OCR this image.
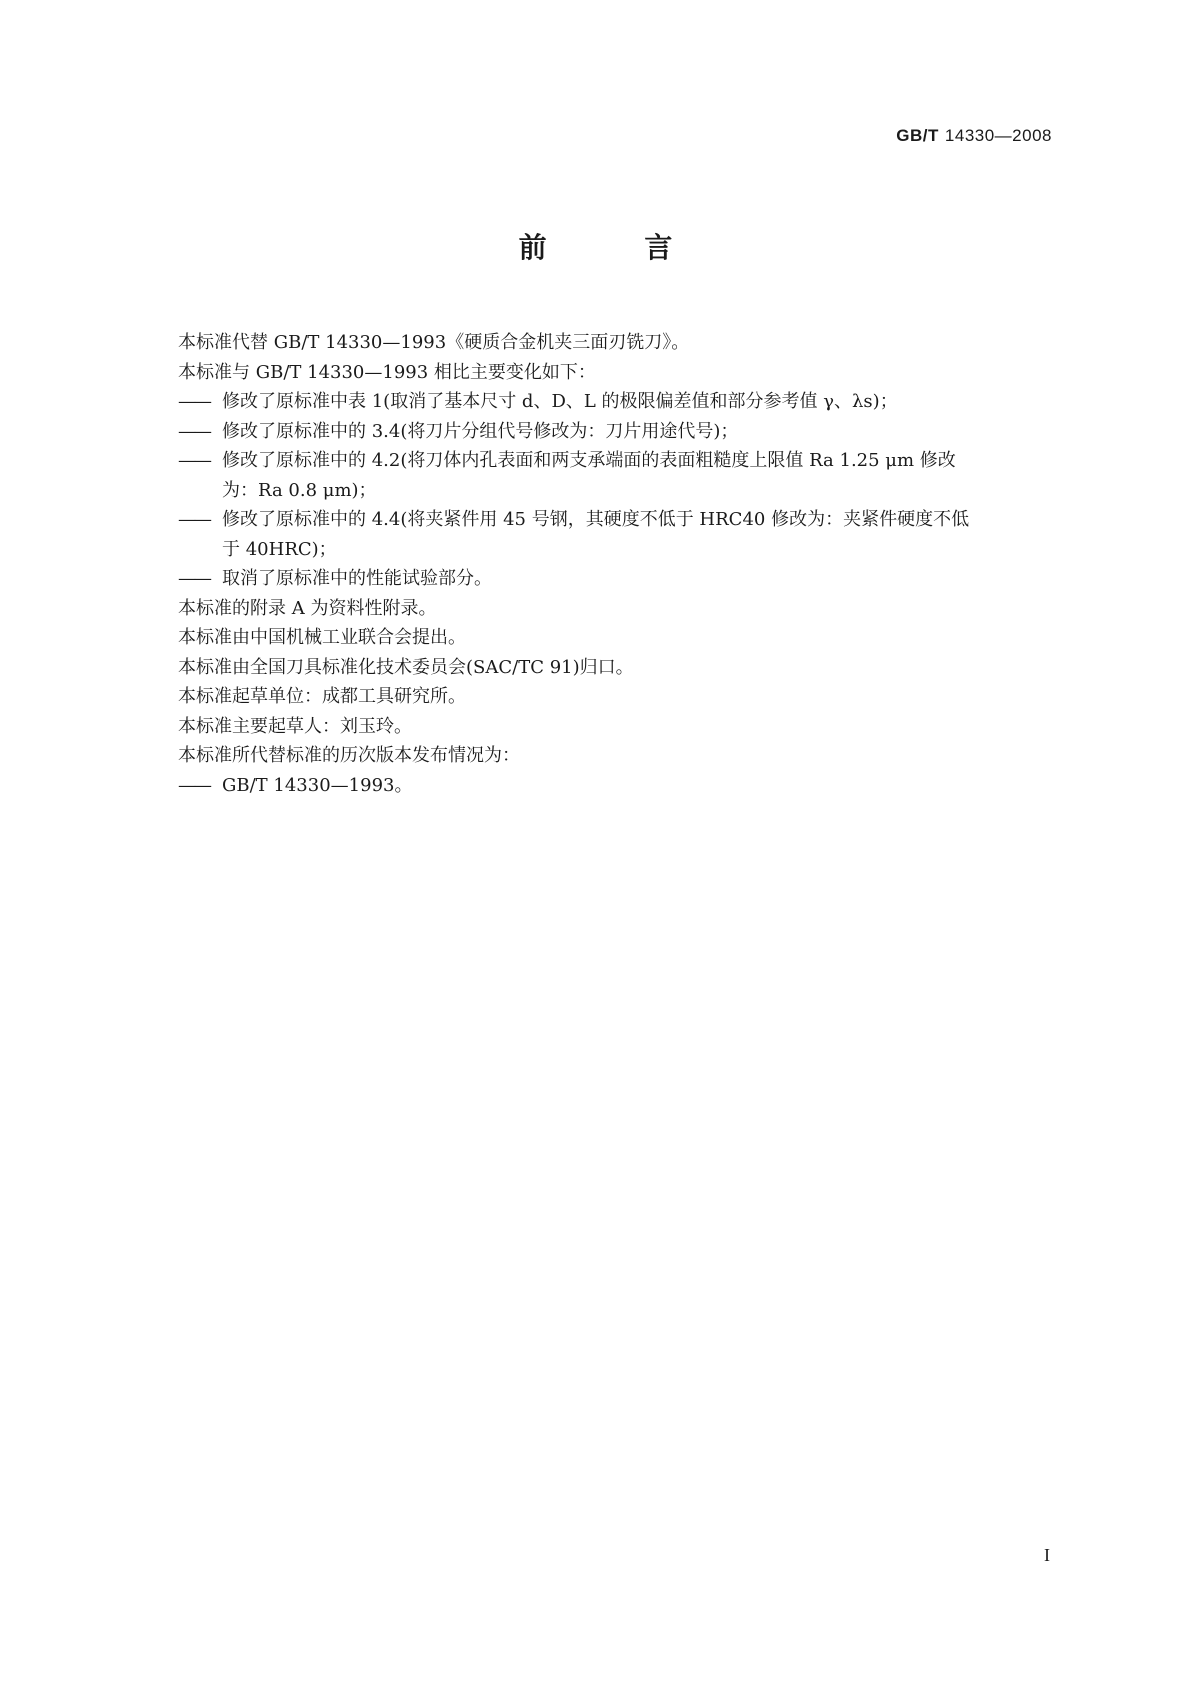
GB/T 14330—2008
前 言

本标准代替 GB/T 14330—1993《硬质合金机夹三面刃铣刀》。

本标准与 GB/T 14330—1993 相比主要变化如下：

—— 修改了原标准中表 1(取消了基本尺寸 d、D、L 的极限偏差值和部分参考值 γ、λs)；

—— 修改了原标准中的 3.4(将刀片分组代号修改为：刀片用途代号)；

—— 修改了原标准中的 4.2(将刀体内孔表面和两支承端面的表面粗糙度上限值 Ra 1.25 μm 修改

为：Ra 0.8 μm)；

—— 修改了原标准中的 4.4(将夹紧件用 45 号钢，其硬度不低于 HRC40 修改为：夹紧件硬度不低

于 40HRC)；

—— 取消了原标准中的性能试验部分。

本标准的附录 A 为资料性附录。

本标准由中国机械工业联合会提出。

本标准由全国刀具标准化技术委员会(SAC/TC 91)归口。

本标准起草单位：成都工具研究所。

本标准主要起草人：刘玉玲。

本标准所代替标准的历次版本发布情况为：

—— GB/T 14330—1993。

I
